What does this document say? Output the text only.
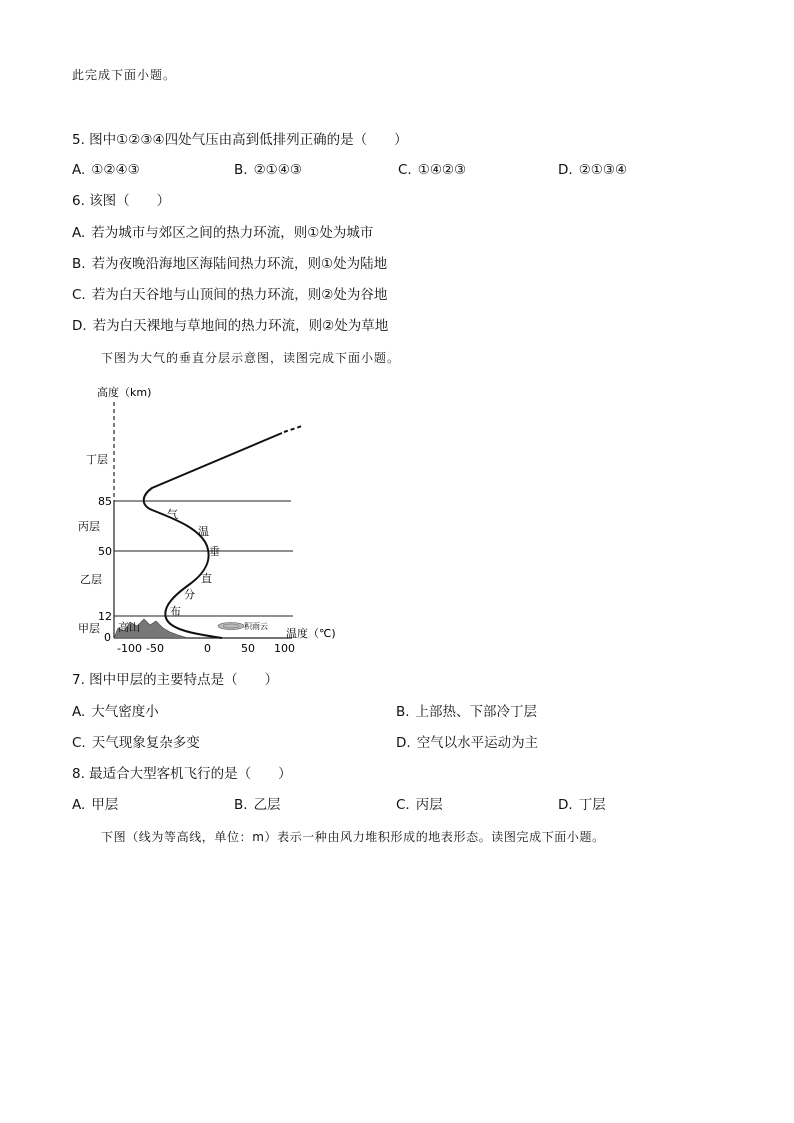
此完成下面小题。
5. 图中①②③④四处气压由高到低排列正确的是（　　）
A. ①②④③	B. ②①④③	C. ①④②③	D. ②①③④
6. 该图（　　）
A. 若为城市与郊区之间的热力环流，则①处为城市
B. 若为夜晚沿海地区海陆间热力环流，则①处为陆地
C. 若为白天谷地与山顶间的热力环流，则②处为谷地
D. 若为白天裸地与草地间的热力环流，则②处为草地
下图为大气的垂直分层示意图，读图完成下面小题。
高度（km)
85
50
12
0
丁层
丙层
乙层
甲层
-100 -50	0	50 100
温度（℃)
高山	积雨云
气
温
垂
直
分
布
7. 图中甲层的主要特点是（　　）
A. 大气密度小	B. 上部热、下部冷丁层
C. 天气现象复杂多变	D. 空气以水平运动为主
8. 最适合大型客机飞行的是（　　）
A. 甲层	B. 乙层	C. 丙层	D. 丁层
下图（线为等高线，单位：m）表示一种由风力堆积形成的地表形态。读图完成下面小题。
